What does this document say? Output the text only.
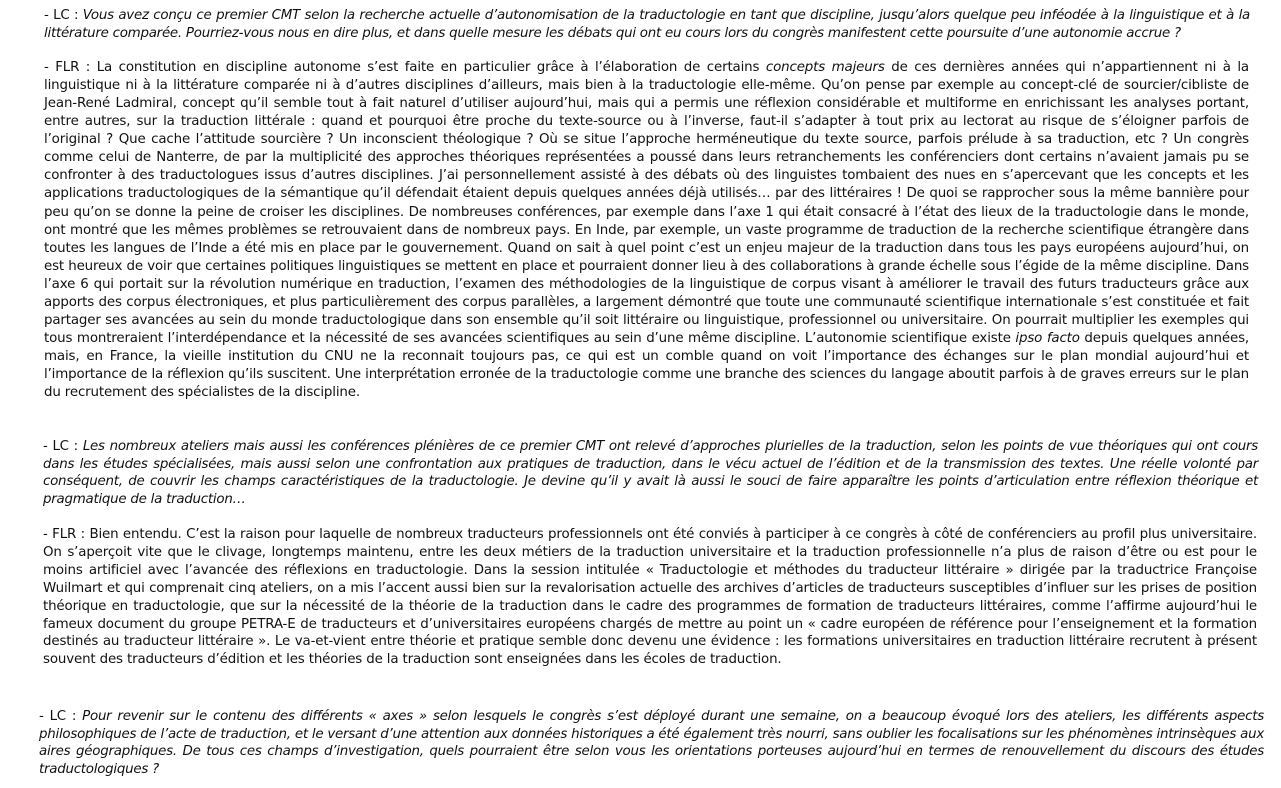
- LC : Vous avez conçu ce premier CMT selon la recherche actuelle d’autonomisation de la traductologie en tant que discipline, jusqu’alors quelque peu inféodée à la linguistique et à la littérature comparée. Pourriez-vous nous en dire plus, et dans quelle mesure les débats qui ont eu cours lors du congrès manifestent cette poursuite d’une autonomie accrue ?

- FLR : La constitution en discipline autonome s’est faite en particulier grâce à l’élaboration de certains concepts majeurs de ces dernières années qui n’appartiennent ni à la linguistique ni à la littérature comparée ni à d’autres disciplines d’ailleurs, mais bien à la traductologie elle-même. Qu’on pense par exemple au concept-clé de sourcier/cibliste de Jean-René Ladmiral, concept qu’il semble tout à fait naturel d’utiliser aujourd’hui, mais qui a permis une réflexion considérable et multiforme en enrichissant les analyses portant, entre autres, sur la traduction littérale : quand et pourquoi être proche du texte-source ou à l’inverse, faut-il s’adapter à tout prix au lectorat au risque de s’éloigner parfois de l’original ? Que cache l’attitude sourcière ? Un inconscient théologique ? Où se situe l’approche herméneutique du texte source, parfois prélude à sa traduction, etc ? Un congrès comme celui de Nanterre, de par la multiplicité des approches théoriques représentées a poussé dans leurs retranchements les conférenciers dont certains n’avaient jamais pu se confronter à des traductologues issus d’autres disciplines. J’ai personnellement assisté à des débats où des linguistes tombaient des nues en s’apercevant que les concepts et les applications traductologiques de la sémantique qu’il défendait étaient depuis quelques années déjà utilisés… par des littéraires ! De quoi se rapprocher sous la même bannière pour peu qu’on se donne la peine de croiser les disciplines. De nombreuses conférences, par exemple dans l’axe 1 qui était consacré à l’état des lieux de la traductologie dans le monde, ont montré que les mêmes problèmes se retrouvaient dans de nombreux pays. En Inde, par exemple, un vaste programme de traduction de la recherche scientifique étrangère dans toutes les langues de l’Inde a été mis en place par le gouvernement. Quand on sait à quel point c’est un enjeu majeur de la traduction dans tous les pays européens aujourd’hui, on est heureux de voir que certaines politiques linguistiques se mettent en place et pourraient donner lieu à des collaborations à grande échelle sous l’égide de la même discipline. Dans l’axe 6 qui portait sur la révolution numérique en traduction, l’examen des méthodologies de la linguistique de corpus visant à améliorer le travail des futurs traducteurs grâce aux apports des corpus électroniques, et plus particulièrement des corpus parallèles, a largement démontré que toute une communauté scientifique internationale s’est constituée et fait partager ses avancées au sein du monde traductologique dans son ensemble qu’il soit littéraire ou linguistique, professionnel ou universitaire. On pourrait multiplier les exemples qui tous montreraient l’interdépendance et la nécessité de ses avancées scientifiques au sein d’une même discipline. L’autonomie scientifique existe ipso facto depuis quelques années, mais, en France, la vieille institution du CNU ne la reconnait toujours pas, ce qui est un comble quand on voit l’importance des échanges sur le plan mondial aujourd’hui et l’importance de la réflexion qu’ils suscitent. Une interprétation erronée de la traductologie comme une branche des sciences du langage aboutit parfois à de graves erreurs sur le plan du recrutement des spécialistes de la discipline.

- LC : Les nombreux ateliers mais aussi les conférences plénières de ce premier CMT ont relevé d’approches plurielles de la traduction, selon les points de vue théoriques qui ont cours dans les études spécialisées, mais aussi selon une confrontation aux pratiques de traduction, dans le vécu actuel de l’édition et de la transmission des textes. Une réelle volonté par conséquent, de couvrir les champs caractéristiques de la traductologie. Je devine qu’il y avait là aussi le souci de faire apparaître les points d’articulation entre réflexion théorique et pragmatique de la traduction…

- FLR : Bien entendu. C’est la raison pour laquelle de nombreux traducteurs professionnels ont été conviés à participer à ce congrès à côté de conférenciers au profil plus universitaire. On s’aperçoit vite que le clivage, longtemps maintenu, entre les deux métiers de la traduction universitaire et la traduction professionnelle n’a plus de raison d’être ou est pour le moins artificiel avec l’avancée des réflexions en traductologie. Dans la session intitulée « Traductologie et méthodes du traducteur littéraire » dirigée par la traductrice Françoise Wuilmart et qui comprenait cinq ateliers, on a mis l’accent aussi bien sur la revalorisation actuelle des archives d’articles de traducteurs susceptibles d’influer sur les prises de position théorique en traductologie, que sur la nécessité de la théorie de la traduction dans le cadre des programmes de formation de traducteurs littéraires, comme l’affirme aujourd’hui le fameux document du groupe PETRA-E de traducteurs et d’universitaires européens chargés de mettre au point un « cadre européen de référence pour l’enseignement et la formation destinés au traducteur littéraire ». Le va-et-vient entre théorie et pratique semble donc devenu une évidence : les formations universitaires en traduction littéraire recrutent à présent souvent des traducteurs d’édition et les théories de la traduction sont enseignées dans les écoles de traduction.

- LC : Pour revenir sur le contenu des différents « axes » selon lesquels le congrès s’est déployé durant une semaine, on a beaucoup évoqué lors des ateliers, les différents aspects philosophiques de l’acte de traduction, et le versant d’une attention aux données historiques a été également très nourri, sans oublier les focalisations sur les phénomènes intrinsèques aux aires géographiques. De tous ces champs d’investigation, quels pourraient être selon vous les orientations porteuses aujourd’hui en termes de renouvellement du discours des études traductologiques ?
